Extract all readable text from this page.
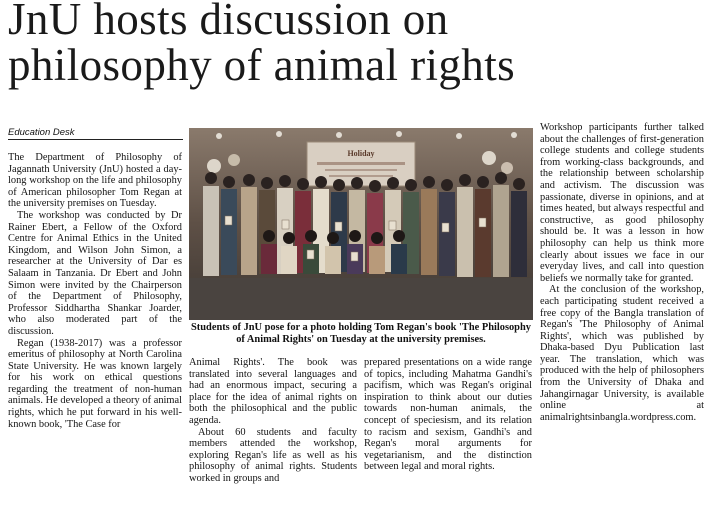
JnU hosts discussion on
philosophy of animal rights
Education Desk

The Department of Philosophy of Jagannath University (JnU) hosted a day-long workshop on the life and philosophy of American philosopher Tom Regan at the university premises on Tuesday.

The workshop was conducted by Dr Rainer Ebert, a Fellow of the Oxford Centre for Animal Ethics in the United Kingdom, and Wilson John Simon, a researcher at the University of Dar es Salaam in Tanzania. Dr Ebert and John Simon were invited by the Chairperson of the Department of Philosophy, Professor Siddhartha Shankar Joarder, who also moderated part of the discussion.

Regan (1938-2017) was a professor emeritus of philosophy at North Carolina State University. He was known largely for his work on ethical questions regarding the treatment of non-human animals. He developed a theory of animal rights, which he put forward in his well-known book, 'The Case for

Holiday
Students of JnU pose for a photo holding Tom Regan's book 'The Philosophy of Animal Rights' on Tuesday at the university premises.

Animal Rights'. The book was translated into several languages and had an enormous impact, securing a place for the idea of animal rights on both the philosophical and the public agenda.

About 60 students and faculty members attended the workshop, exploring Regan's life as well as his philosophy of animal rights. Students worked in groups and

prepared presentations on a wide range of topics, including Mahatma Gandhi's pacifism, which was Regan's original inspiration to think about our duties towards non-human animals, the concept of speciesism, and its relation to racism and sexism, Gandhi's and Regan's moral arguments for vegetarianism, and the distinction between legal and moral rights.

Workshop participants further talked about the challenges of first-generation college students and college students from working-class backgrounds, and the relationship between scholarship and activism. The discussion was passionate, diverse in opinions, and at times heated, but always respectful and constructive, as good philosophy should be. It was a lesson in how philosophy can help us think more clearly about issues we face in our everyday lives, and call into question beliefs we normally take for granted.

At the conclusion of the workshop, each participating student received a free copy of the Bangla translation of Regan's 'The Philosophy of Animal Rights', which was published by Dhaka-based Dyu Publication last year. The translation, which was produced with the help of philosophers from the University of Dhaka and Jahangirnagar University, is available online at animalrightsinbangla.wordpress.com.
